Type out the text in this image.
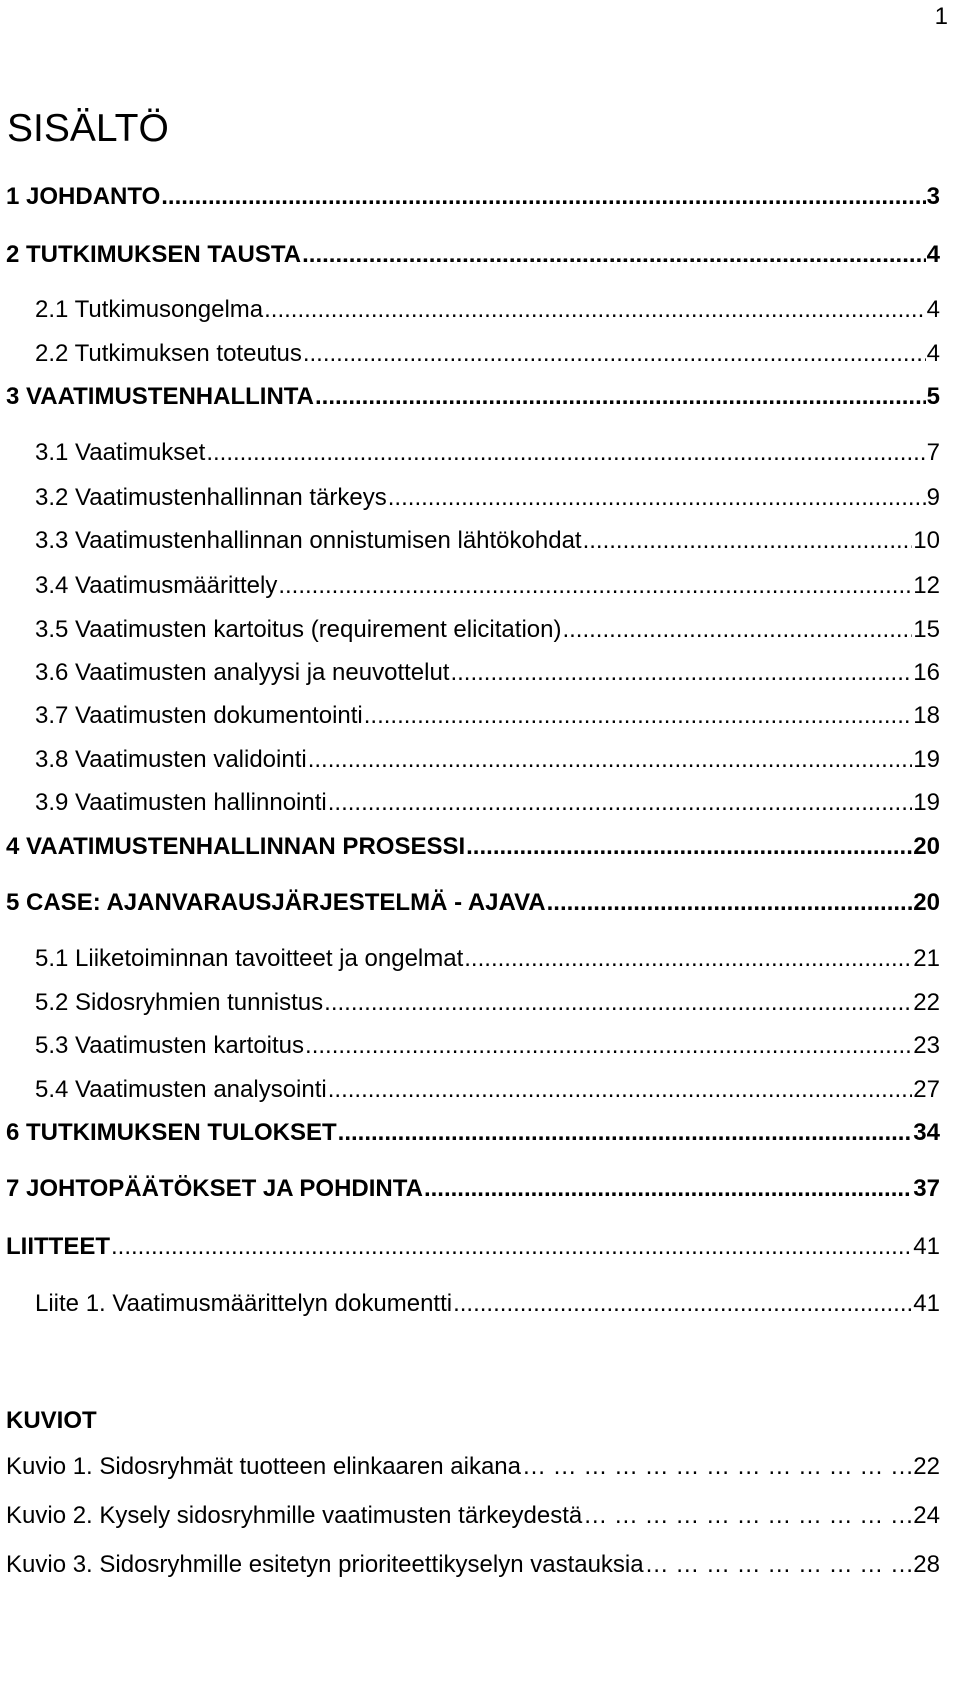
1
SISÄLTÖ
1 JOHDANTO .....	3
2 TUTKIMUKSEN TAUSTA .....	4
2.1 Tutkimusongelma .....	4
2.2 Tutkimuksen toteutus .....	4
3 VAATIMUSTENHALLINTA .....	5
3.1 Vaatimukset .....	7
3.2 Vaatimustenhallinnan tärkeys .....	9
3.3 Vaatimustenhallinnan onnistumisen lähtökohdat .....	10
3.4 Vaatimusmäärittely .....	12
3.5 Vaatimusten kartoitus (requirement elicitation) .....	15
3.6 Vaatimusten analyysi ja neuvottelut .....	16
3.7 Vaatimusten dokumentointi .....	18
3.8 Vaatimusten validointi .....	19
3.9 Vaatimusten hallinnointi .....	19
4 VAATIMUSTENHALLINNAN PROSESSI .....	20
5 CASE: AJANVARAUSJÄRJESTELMÄ - AJAVA .....	20
5.1 Liiketoiminnan tavoitteet ja ongelmat .....	21
5.2 Sidosryhmien tunnistus .....	22
5.3 Vaatimusten kartoitus .....	23
5.4 Vaatimusten analysointi .....	27
6 TUTKIMUKSEN TULOKSET .....	34
7 JOHTOPÄÄTÖKSET JA POHDINTA .....	37
LIITTEET .....	41
Liite 1. Vaatimusmäärittelyn dokumentti .....	41
KUVIOT
Kuvio 1. Sidosryhmät tuotteen elinkaaren aikana … … … … … … … … … … … … … … … … … … … … … … … … … … … … … … … … … … … … … … … …	22
Kuvio 2. Kysely sidosryhmille vaatimusten tärkeydestä … … … … … … … … … … … … … … … … … … … … … … … … … … … … … … … … … … … … … … … …	24
Kuvio 3. Sidosryhmille esitetyn prioriteettikyselyn vastauksia … … … … … … … … … … … … … … … … … … … … … … … … … … … … … … … … … … … … … … … …	28
